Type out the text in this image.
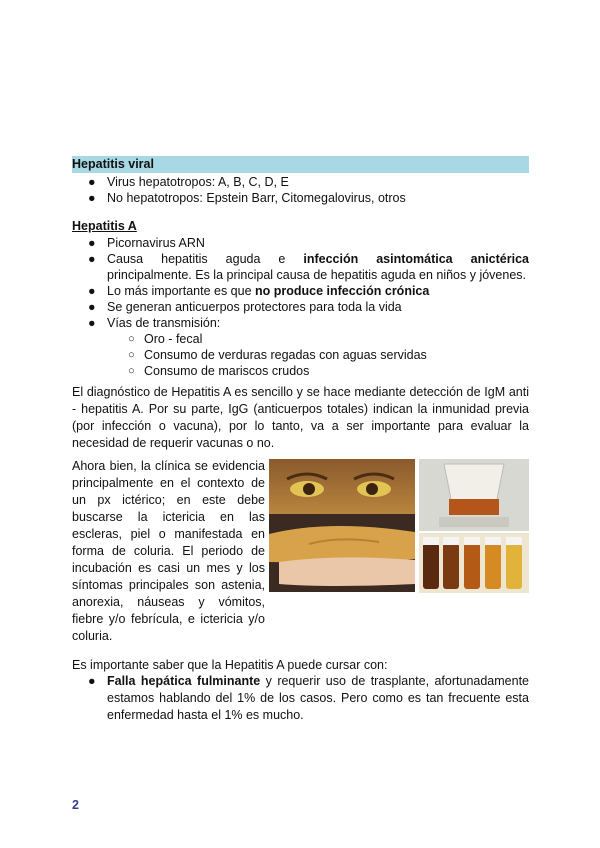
Hepatitis viral
● Virus hepatotropos: A, B, C, D, E
● No hepatotropos: Epstein Barr, Citomegalovirus, otros
Hepatitis A
● Picornavirus ARN
● Causa hepatitis aguda e infección asintomática anictérica principalmente. Es la principal causa de hepatitis aguda en niños y jóvenes.
● Lo más importante es que no produce infección crónica
● Se generan anticuerpos protectores para toda la vida
● Vías de transmisión:
○ Oro - fecal
○ Consumo de verduras regadas con aguas servidas
○ Consumo de mariscos crudos

El diagnóstico de Hepatitis A es sencillo y se hace mediante detección de IgM anti - hepatitis A. Por su parte, IgG (anticuerpos totales) indican la inmunidad previa (por infección o vacuna), por lo tanto, va a ser importante para evaluar la necesidad de requerir vacunas o no.

Ahora bien, la clínica se evidencia principalmente en el contexto de un px ictérico; en este debe buscarse la ictericia en las escleras, piel o manifestada en forma de coluria. El periodo de incubación es casi un mes y los síntomas principales son astenia, anorexia, náuseas y vómitos, fiebre y/o febrícula, e ictericia y/o coluria.

Es importante saber que la Hepatitis A puede cursar con:

● Falla hepática fulminante y requerir uso de trasplante, afortunadamente estamos hablando del 1% de los casos. Pero como es tan frecuente esta enfermedad hasta el 1% es mucho.
2
